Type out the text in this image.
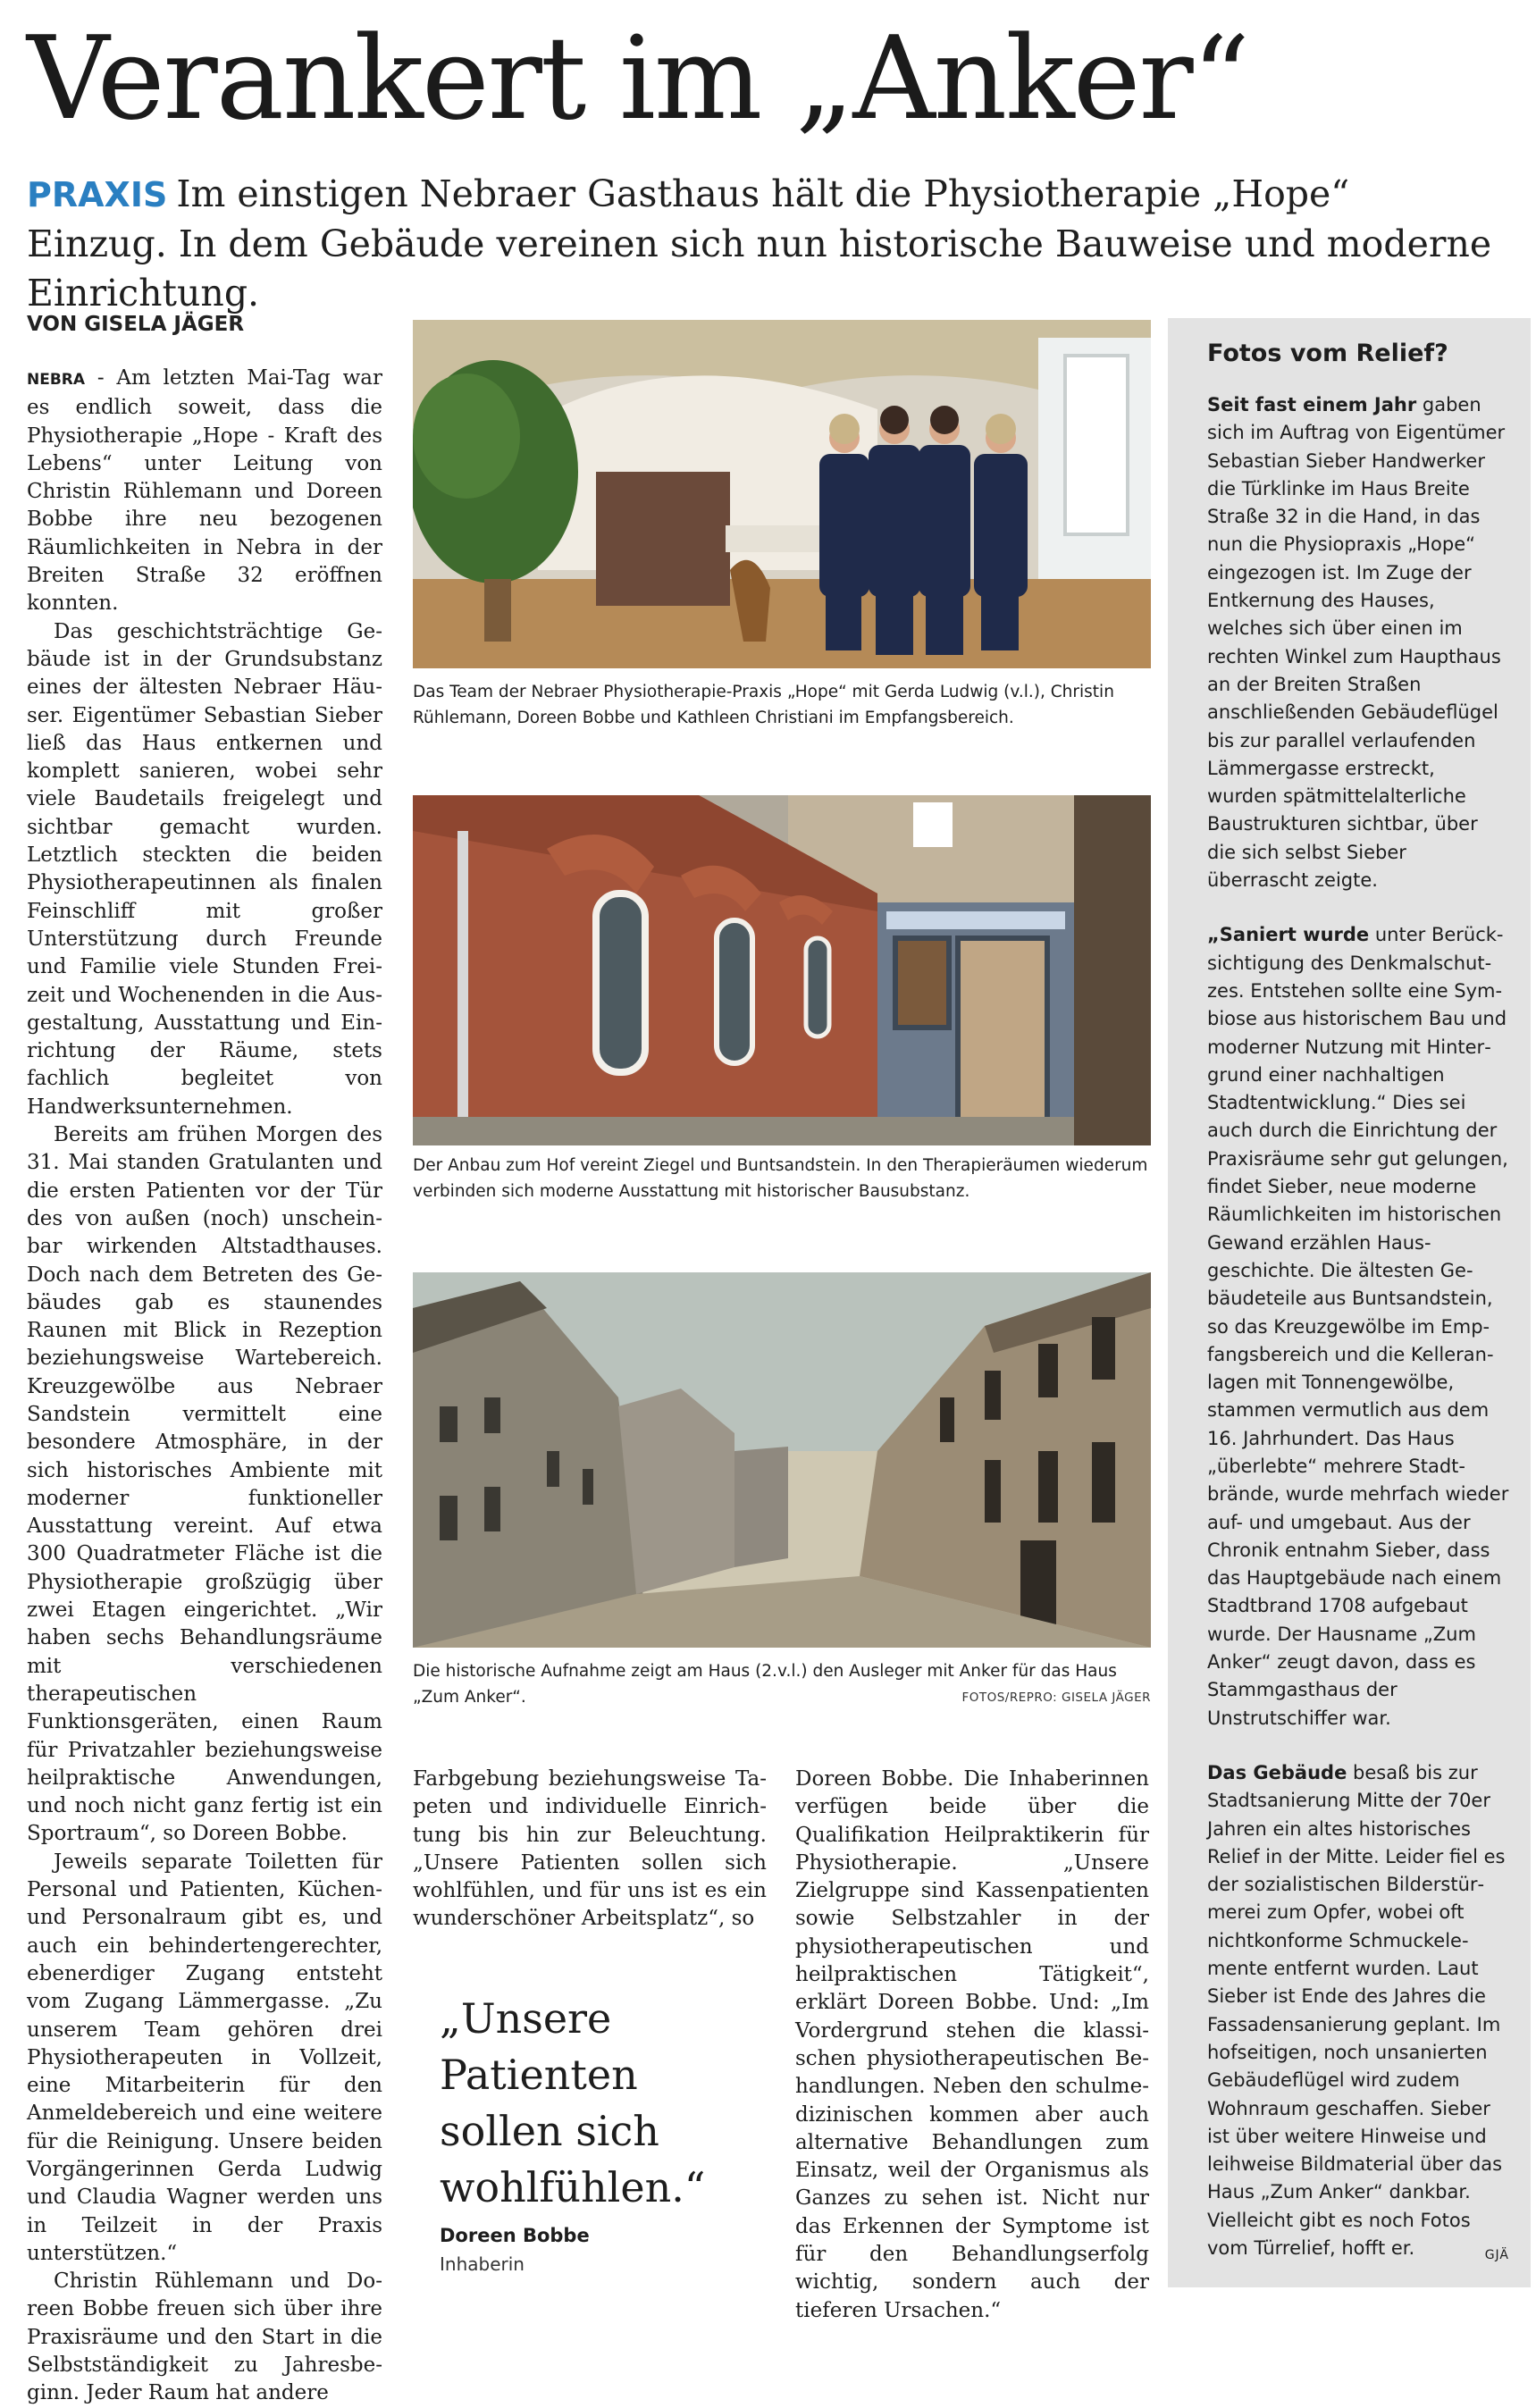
Verankert im „Anker“
PRAXIS Im einstigen Nebraer Gasthaus hält die Physiotherapie „Hope“ Einzug. In dem Gebäude vereinen sich nun historische Bauweise und moderne Einrichtung.
VON GISELA JÄGER

NEBRA - Am letzten Mai-Tag war es endlich soweit, dass die Physiotherapie „Hope - Kraft des Lebens“ unter Leitung von Christin Rühlemann und Doreen Bobbe ihre neu bezogenen Räumlichkeiten in Nebra in der Breiten Straße 32 eröffnen konnten.

Das geschichtsträchtige Gebäude ist in der Grundsubstanz eines der ältesten Nebraer Häuser. Eigentümer Sebastian Sieber ließ das Haus entkernen und komplett sanieren, wobei sehr viele Baudetails freigelegt und sichtbar gemacht wurden. Letztlich steckten die beiden Physiotherapeutinnen als finalen Feinschliff mit großer Unterstützung durch Freunde und Familie viele Stunden Freizeit und Wochenenden in die Ausgestaltung, Ausstattung und Einrichtung der Räume, stets fachlich begleitet von Handwerksunternehmen.

Bereits am frühen Morgen des 31. Mai standen Gratulanten und die ersten Patienten vor der Tür des von außen (noch) unscheinbar wirkenden Altstadthauses. Doch nach dem Betreten des Gebäudes gab es staunendes Raunen mit Blick in Rezeption beziehungsweise Wartebereich. Kreuzgewölbe aus Nebraer Sandstein vermittelt eine besondere Atmosphäre, in der sich historisches Ambiente mit moderner funktioneller Ausstattung vereint. Auf etwa 300 Quadratmeter Fläche ist die Physiotherapie großzügig über zwei Etagen eingerichtet. „Wir haben sechs Behandlungsräume mit verschiedenen therapeutischen Funktionsgeräten, einen Raum für Privatzahler beziehungsweise heilpraktische Anwendungen, und noch nicht ganz fertig ist ein Sportraum“, so Doreen Bobbe.

Jeweils separate Toiletten für Personal und Patienten, Küchen- und Personalraum gibt es, und auch ein behindertengerechter, ebenerdiger Zugang entsteht vom Zugang Lämmergasse. „Zu unserem Team gehören drei Physiotherapeuten in Vollzeit, eine Mitarbeiterin für den Anmeldebereich und eine weitere für die Reinigung. Unsere beiden Vorgängerinnen Gerda Ludwig und Claudia Wagner werden uns in Teilzeit in der Praxis unterstützen.“

Christin Rühlemann und Doreen Bobbe freuen sich über ihre Praxisräume und den Start in die Selbstständigkeit zu Jahresbeginn. Jeder Raum hat andere

Das Team der Nebraer Physiotherapie-Praxis „Hope“ mit Gerda Ludwig (v.l.), Christin Rühlemann, Doreen Bobbe und Kathleen Christiani im Empfangsbereich.
Der Anbau zum Hof vereint Ziegel und Buntsandstein. In den Therapieräumen wiederum verbinden sich moderne Ausstattung mit historischer Bausubstanz.
Die historische Aufnahme zeigt am Haus (2.v.l.) den Ausleger mit Anker für das Haus „Zum Anker“.	FOTOS/REPRO: GISELA JÄGER

Farbgebung beziehungsweise Tapeten und individuelle Einrichtung bis hin zur Beleuchtung. „Unsere Patienten sollen sich wohlfühlen, und für uns ist es ein wunderschöner Arbeitsplatz“, so

„Unsere Patienten sollen sich wohlfühlen.“
Doreen Bobbe
Inhaberin

Doreen Bobbe. Die Inhaberinnen verfügen beide über die Qualifikation Heilpraktikerin für Physiotherapie. „Unsere Zielgruppe sind Kassenpatienten sowie Selbstzahler in der physiotherapeutischen und heilpraktischen Tätigkeit“, erklärt Doreen Bobbe. Und: „Im Vordergrund stehen die klassischen physiotherapeutischen Behandlungen. Neben den schulmedizinischen kommen aber auch alternative Behandlungen zum Einsatz, weil der Organismus als Ganzes zu sehen ist. Nicht nur das Erkennen der Symptome ist für den Behandlungserfolg wichtig, sondern auch der tieferen Ursachen.“

Fotos vom Relief?

Seit fast einem Jahr gaben sich im Auftrag von Eigentümer Sebastian Sieber Handwerker die Türklinke im Haus Breite Straße 32 in die Hand, in das nun die Physiopraxis „Hope“ eingezogen ist. Im Zuge der Entkernung des Hauses, welches sich über einen im rechten Winkel zum Haupthaus an der Breiten Straßen anschließenden Gebäudeflügel bis zur parallel verlaufenden Lämmergasse erstreckt, wurden spätmittelalterliche Baustrukturen sichtbar, über die sich selbst Sieber überrascht zeigte.

„Saniert wurde unter Berücksichtigung des Denkmalschutzes. Entstehen sollte eine Symbiose aus historischem Bau und moderner Nutzung mit Hintergrund einer nachhaltigen Stadtentwicklung.“ Dies sei auch durch die Einrichtung der Praxisräume sehr gut gelungen, findet Sieber, neue moderne Räumlichkeiten im historischen Gewand erzählen Hausgeschichte. Die ältesten Gebäudeteile aus Buntsandstein, so das Kreuzgewölbe im Empfangsbereich und die Kelleranlagen mit Tonnengewölbe, stammen vermutlich aus dem 16. Jahrhundert. Das Haus „überlebte“ mehrere Stadtbrände, wurde mehrfach wieder auf- und umgebaut. Aus der Chronik entnahm Sieber, dass das Hauptgebäude nach einem Stadtbrand 1708 aufgebaut wurde. Der Hausname „Zum Anker“ zeugt davon, dass es Stammgasthaus der Unstrutschiffer war.

Das Gebäude besaß bis zur Stadtsanierung Mitte der 70er Jahren ein altes historisches Relief in der Mitte. Leider fiel es der sozialistischen Bilderstürmerei zum Opfer, wobei oft nichtkonforme Schmuckelemente entfernt wurden. Laut Sieber ist Ende des Jahres die Fassadensanierung geplant. Im hofseitigen, noch unsanierten Gebäudeflügel wird zudem Wohnraum geschaffen. Sieber ist über weitere Hinweise und leihweise Bildmaterial über das Haus „Zum Anker“ dankbar. Vielleicht gibt es noch Fotos vom Türrelief, hofft er.	GJÄ
